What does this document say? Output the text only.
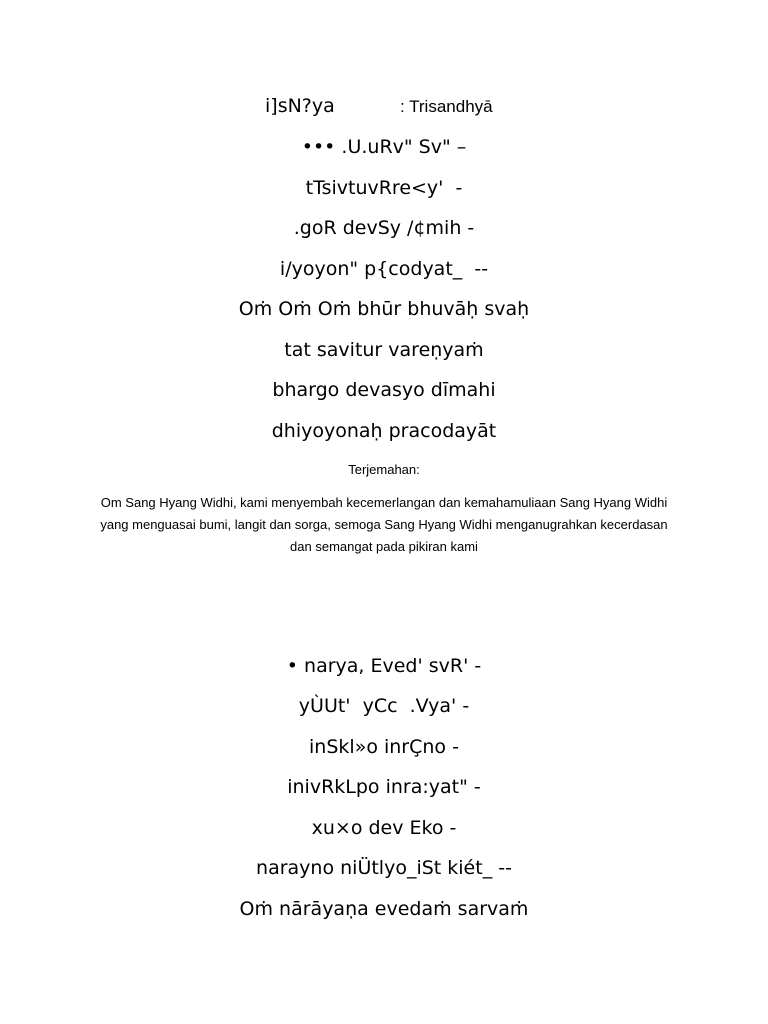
i]sN?ya	: Trisandhyā
••• .U.uRv" Sv" –
tTsivtuvRre<y'  -
.goR devSy /¢mih -
i/yoyon" p{codyat_  --
Oṁ Oṁ Oṁ bhūr bhuvāḥ svaḥ
tat savitur vareṇyaṁ
bhargo devasyo dīmahi
dhiyoyonaḥ pracodayāt
Terjemahan:
Om Sang Hyang Widhi, kami menyembah kecemerlangan dan kemahamuliaan Sang Hyang Widhi yang menguasai bumi, langit dan sorga, semoga Sang Hyang Widhi menganugrahkan kecerdasan dan semangat pada pikiran kami
• narya, Eved' svR' -
yÙUt'  yCc  .Vya' -
inSkl»o inrÇno -
inivRkLpo inra:yat" -
xu×o dev Eko -
narayno niÜtlyo_iSt kiét_ --
Oṁ nārāyaṇa evedaṁ sarvaṁ
